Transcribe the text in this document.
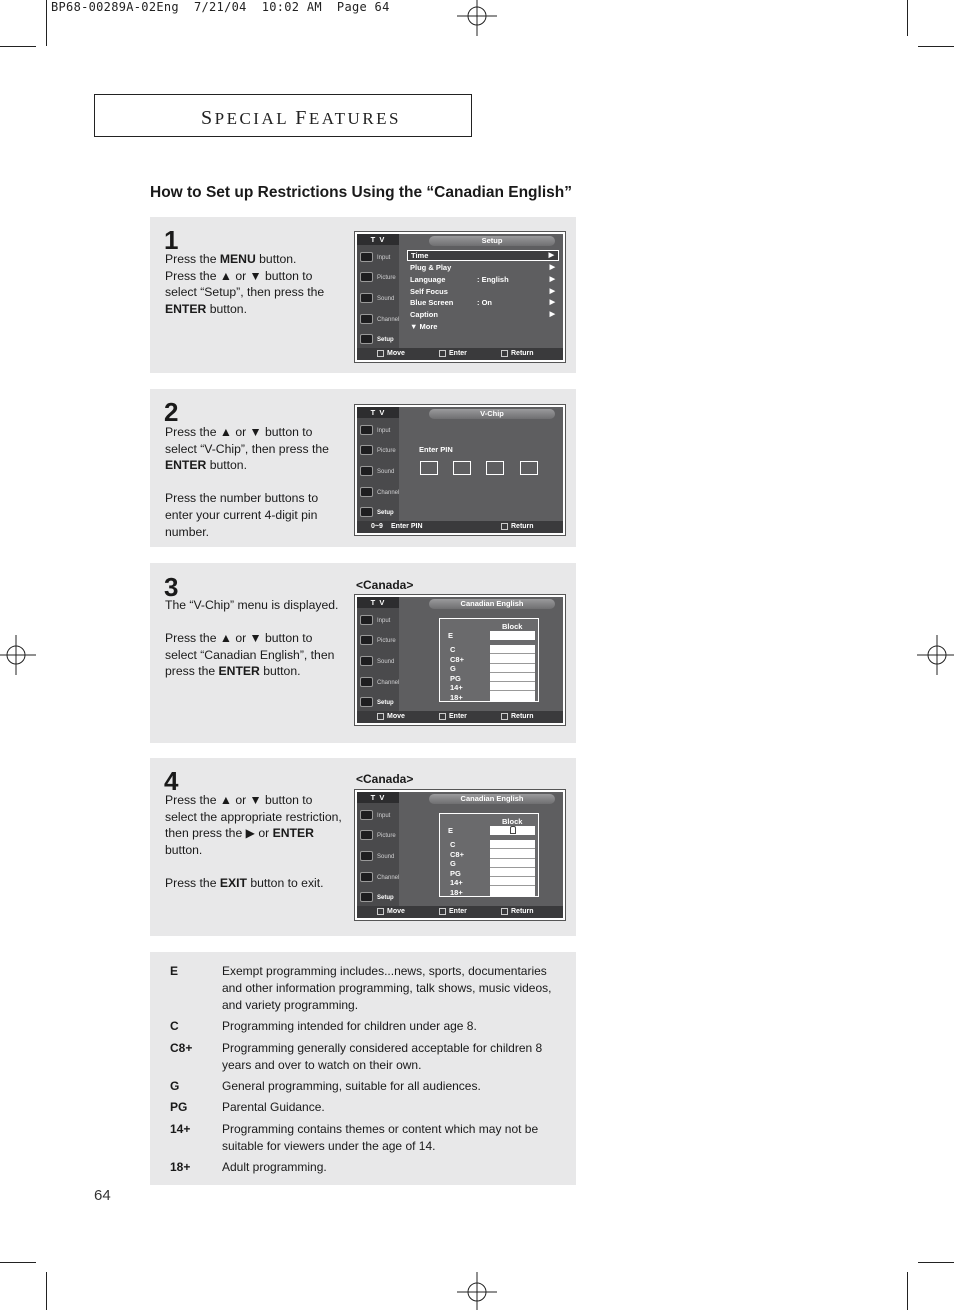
BP68-00289A-02Eng  7/21/04  10:02 AM  Page 64
SPECIAL FEATURES
How to Set up Restrictions Using the “Canadian English”
1
Press the MENU button.
Press the ▲ or ▼ button to select “Setup”, then press the ENTER button.
T V
Input
Picture
Sound
Channel
Setup
Setup
Time	▶
Plug & Play	▶
Language	: English	▶
Self Focus	▶
Blue Screen	: On	▶
Caption	▶
▼ More
Move	Enter	Return
2
Press the ▲ or ▼ button to select “V-Chip”, then press the ENTER button.

Press the number buttons to enter your current 4-digit pin number.
T V
Input
Picture
Sound
Channel
Setup
V-Chip
Enter PIN
0~9 Enter PIN	Return
3
The “V-Chip” menu is displayed.

Press the ▲ or ▼ button to select “Canadian English”, then press the ENTER button.
<Canada>
T V
Input
Picture
Sound
Channel
Setup
Canadian English
Block
E
C
C8+
G
PG
14+
18+
Move	Enter	Return
4
Press the ▲ or ▼ button to select the appropriate restriction, then press the ▶ or ENTER button.

Press the EXIT button to exit.
<Canada>
T V
Input
Picture
Sound
Channel
Setup
Canadian English
Block
E
C
C8+
G
PG
14+
18+
Move	Enter	Return
E	Exempt programming includes...news, sports, documentaries and other information programming, talk shows, music videos, and variety programming.
C	Programming intended for children under age 8.
C8+ Programming generally considered acceptable for children 8 years and over to watch on their own.
G	General programming, suitable for all audiences.
PG	Parental Guidance.
14+	Programming contains themes or content which may not be suitable for viewers under the age of 14.
18+	Adult programming.
64
